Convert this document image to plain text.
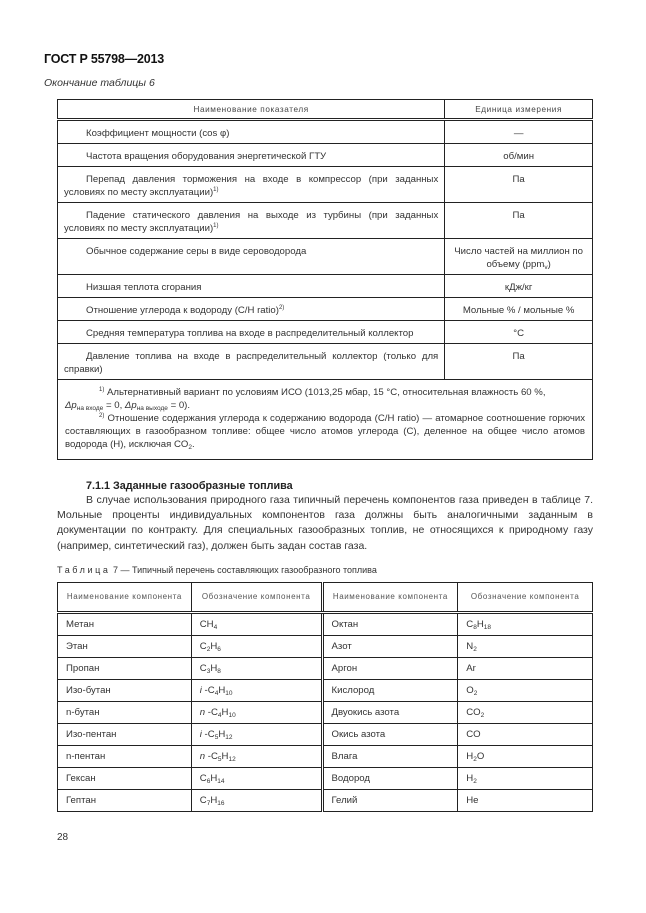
ГОСТ Р 55798—2013
Окончание таблицы 6
Наименование показателя	Единица измерения
Коэффициент мощности (cos φ)	—
Частота вращения оборудования энергетической ГТУ	об/мин
Перепад давления торможения на входе в компрессор (при заданных условиях по месту эксплуатации)$^{1)}$	Па
Падение статического давления на выходе из турбины (при заданных условиях по месту эксплуатации)$^{1)}$	Па
Обычное содержание серы в виде сероводорода	Число частей на миллион по объему (ppm$_v$)
Низшая теплота сгорания	кДж/кг
Отношение углерода к водороду (C/H ratio)$^{2)}$	Мольные % / мольные %
Средняя температура топлива на входе в распределительный коллектор	°С
Давление топлива на входе в распределительный коллектор (только для справки)	Па

$^{1)}$ Альтернативный вариант по условиям ИСО (1013,25 мбар, 15 °С, относительная влажность 60 %,
$\Delta p_{на входе} = 0$, $\Delta p_{на выходе} = 0$).
$^{2)}$ Отношение содержания углерода к содержанию водорода (C/H ratio) — атомарное соотношение горючих составляющих в газообразном топливе: общее число атомов углерода (С), деленное на общее число атомов водорода (Н), исключая $CO_2$.	
7.1.1 Заданные газообразные топлива

В случае использования природного газа типичный перечень компонентов газа приведен в таблице 7. Мольные проценты индивидуальных компонентов газа должны быть аналогичными заданным в документации по контракту. Для специальных газообразных топлив, не относящихся к природному газу (например, синтетический газ), должен быть задан состав газа.

Таблица 7 — Типичный перечень составляющих газообразного топлива
Наименование компонента	Обозначение компонента	Наименование компонента	Обозначение компонента
Метан	$CH_4$	Октан	$C_8H_{18}$
Этан	$C_2H_6$	Азот	$N_2$
Пропан	$C_3H_8$	Аргон	Ar
Изо-бутан	i $-C_4H_{10}$	Кислород	$O_2$
n-бутан	n $-C_4H_{10}$	Двуокись азота	$CO_2$
Изо-пентан	i $-C_5H_{12}$	Окись азота	CO
n-пентан	n $-C_5H_{12}$	Влага	$H_2O$
Гексан	$C_6H_{14}$	Водород	$H_2$
Гептан	$C_7H_{16}$	Гелий	He
28
